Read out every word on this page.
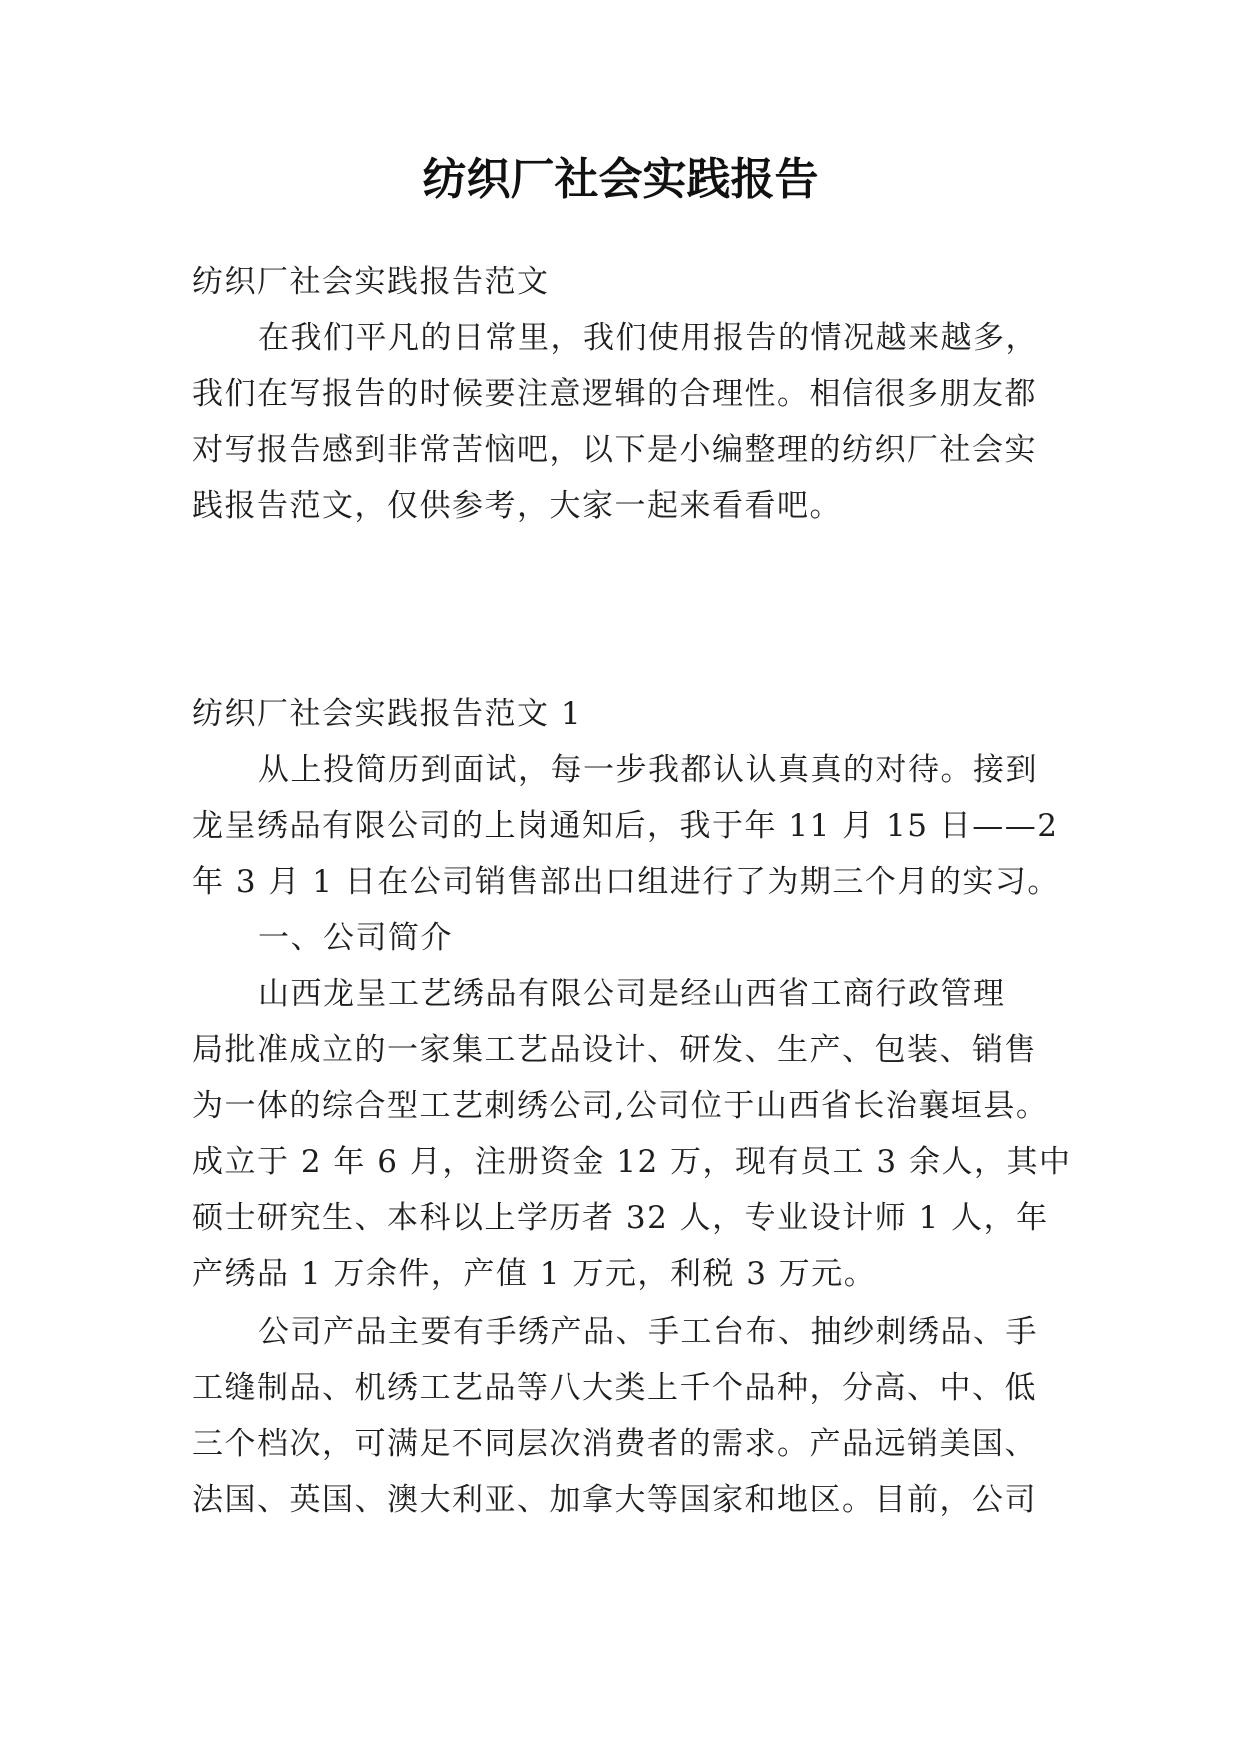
纺织厂社会实践报告

纺织厂社会实践报告范文

在我们平凡的日常里，我们使用报告的情况越来越多，

我们在写报告的时候要注意逻辑的合理性。相信很多朋友都

对写报告感到非常苦恼吧，以下是小编整理的纺织厂社会实

践报告范文，仅供参考，大家一起来看看吧。

纺织厂社会实践报告范文 1

从上投简历到面试，每一步我都认认真真的对待。接到

龙呈绣品有限公司的上岗通知后，我于年 11 月 15 日——2

年 3 月 1 日在公司销售部出口组进行了为期三个月的实习。

一、公司简介

山西龙呈工艺绣品有限公司是经山西省工商行政管理

局批准成立的一家集工艺品设计、研发、生产、包装、销售

为一体的综合型工艺刺绣公司,公司位于山西省长治襄垣县。

成立于 2 年 6 月，注册资金 12 万，现有员工 3 余人，其中

硕士研究生、本科以上学历者 32 人，专业设计师 1 人，年

产绣品 1 万余件，产值 1 万元，利税 3 万元。

公司产品主要有手绣产品、手工台布、抽纱刺绣品、手

工缝制品、机绣工艺品等八大类上千个品种，分高、中、低

三个档次，可满足不同层次消费者的需求。产品远销美国、

法国、英国、澳大利亚、加拿大等国家和地区。目前，公司
